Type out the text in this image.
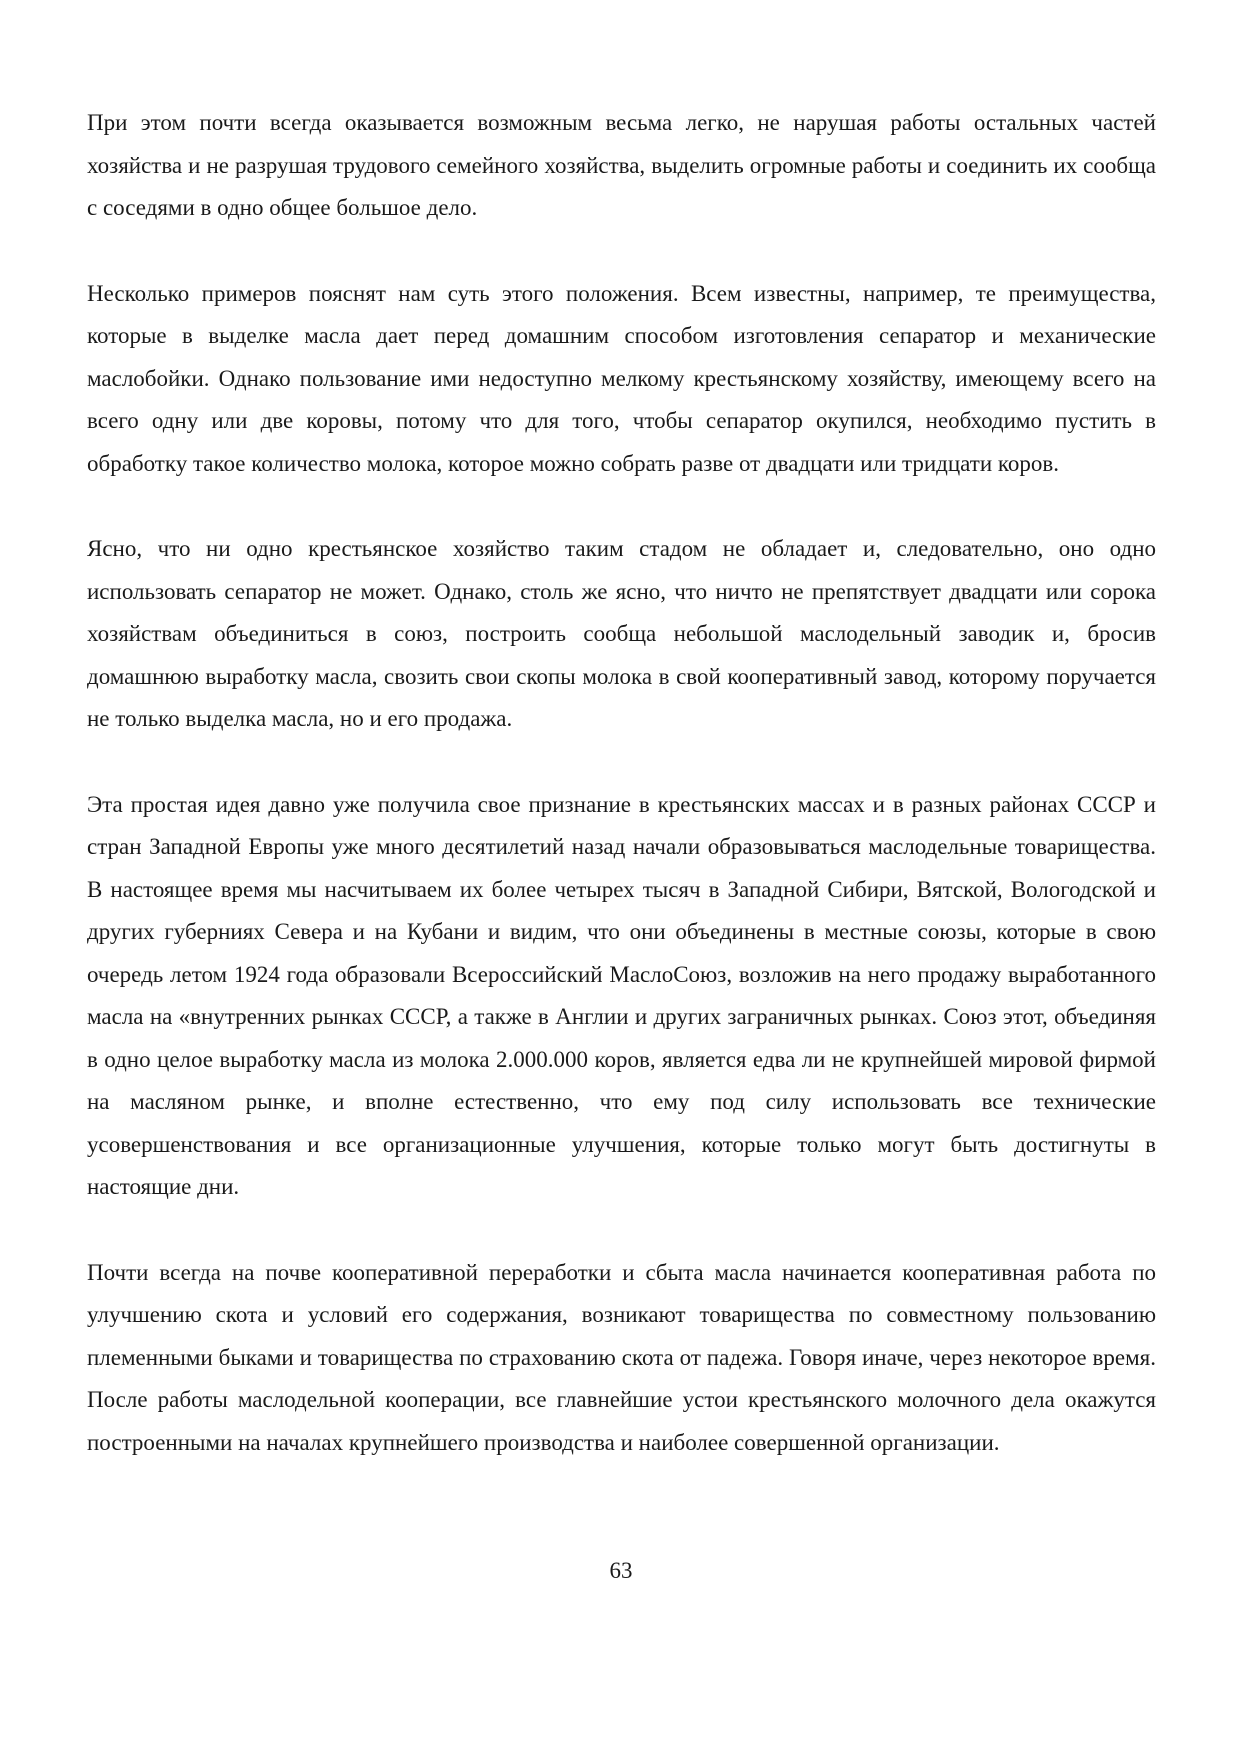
При этом почти всегда оказывается возможным весьма легко, не нарушая работы остальных частей хозяйства и не разрушая трудового семейного хозяйства, выделить огромные работы и соединить их сообща с соседями в одно общее большое дело.

Несколько примеров пояснят нам суть этого положения. Всем известны, например, те преимущества, которые в выделке масла дает перед домашним способом изготовления сепаратор и механические маслобойки. Однако пользование ими недоступно мелкому крестьянскому хозяйству, имеющему всего на всего одну или две коровы, потому что для того, чтобы сепаратор окупился, необходимо пустить в обработку такое количество молока, которое можно собрать разве от двадцати или тридцати коров.

Ясно, что ни одно крестьянское хозяйство таким стадом не обладает и, следовательно, оно одно использовать сепаратор не может. Однако, столь же ясно, что ничто не препятствует двадцати или сорока хозяйствам объединиться в союз, построить сообща небольшой маслодельный заводик и, бросив домашнюю выработку масла, свозить свои скопы молока в свой кооперативный завод, которому поручается не только выделка масла, но и его продажа.

Эта простая идея давно уже получила свое признание в крестьянских массах и в разных районах СССР и стран Западной Европы уже много десятилетий назад начали образовываться маслодельные товарищества. В настоящее время мы насчитываем их более четырех тысяч в Западной Сибири, Вятской, Вологодской и других губерниях Севера и на Кубани и видим, что они объединены в местные союзы, которые в свою очередь летом 1924 года образовали Всероссийский МаслоСоюз, возложив на него продажу выработанного масла на «внутренних рынках СССР, а также в Англии и других заграничных рынках. Союз этот, объединяя в одно целое выработку масла из молока 2.000.000 коров, является едва ли не крупнейшей мировой фирмой на масляном рынке, и вполне естественно, что ему под силу использовать все технические усовершенствования и все организационные улучшения, которые только могут быть достигнуты в настоящие дни.

Почти всегда на почве кооперативной переработки и сбыта масла начинается кооперативная работа по улучшению скота и условий его содержания, возникают товарищества по совместному пользованию племенными быками и товарищества по страхованию скота от падежа. Говоря иначе, через некоторое время. После работы маслодельной кооперации, все главнейшие устои крестьянского молочного дела окажутся построенными на началах крупнейшего производства и наиболее совершенной организации.

63
